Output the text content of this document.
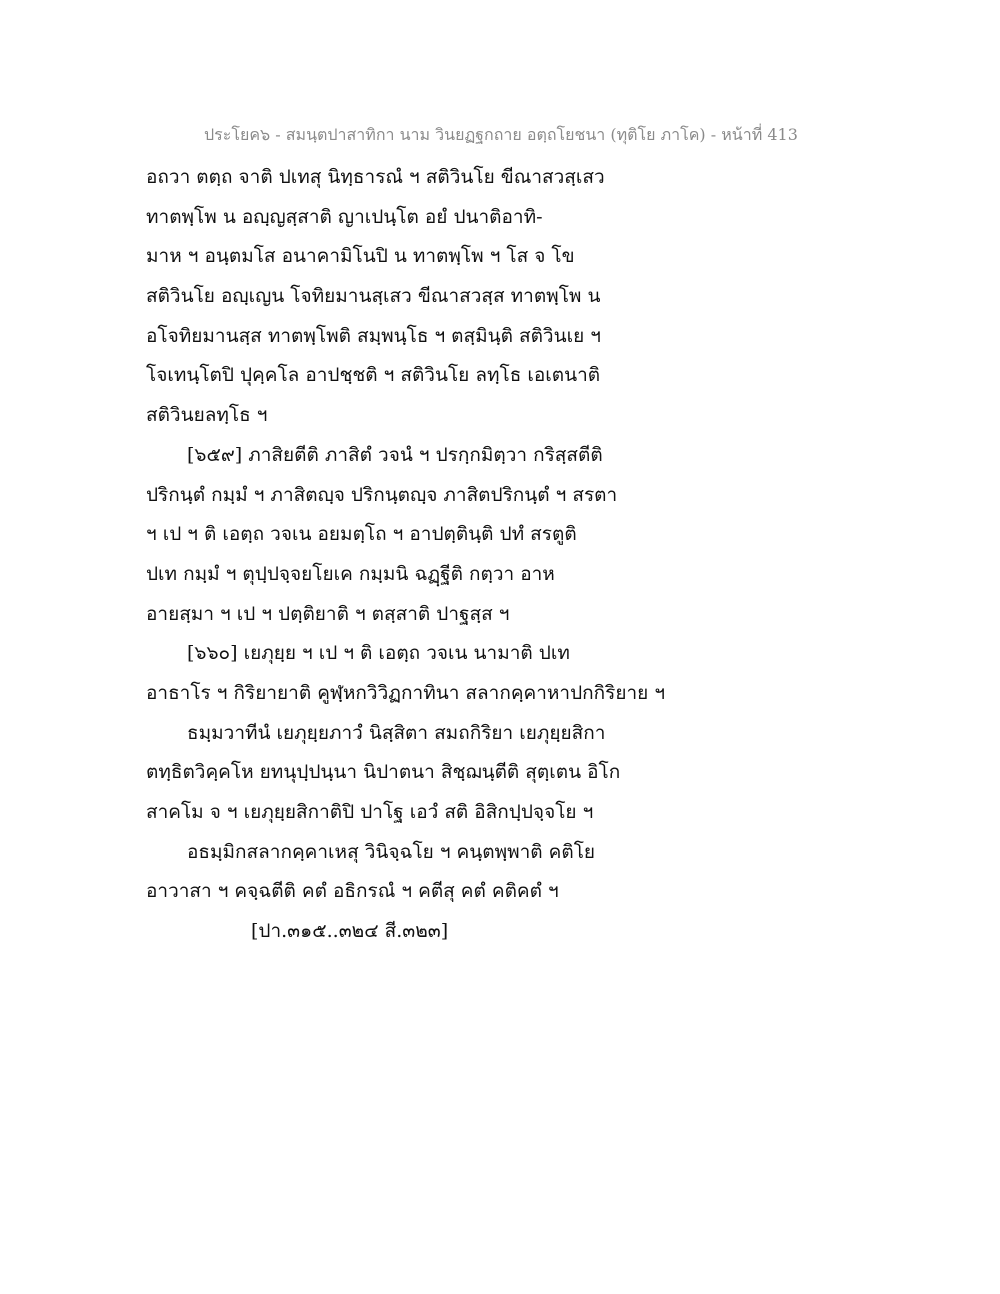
ประโยค๖ - สมนฺตปาสาทิกา นาม วินยฏฐกถาย อตฺถโยชนา (ทุติโย ภาโค) - หน้าที่ 413
อถวา ตตฺถ จาติ ปเทสุ นิทฺธารณํ ฯ สติวินโย ขีณาสวสฺเสว
ทาตพฺโพ น อญฺญสฺสาติ ญาเปนฺโต อยํ ปนาติอาทิ-
มาห ฯ อนฺตมโส อนาคามิโนปิ น ทาตพฺโพ ฯ โส จ โข
สติวินโย อญฺเญน โจทิยมานสฺเสว ขีณาสวสฺส ทาตพฺโพ น
อโจทิยมานสฺส ทาตพฺโพติ สมฺพนฺโธ ฯ ตสฺมินฺติ สติวินเย ฯ
โจเทนฺโตปิ ปุคฺคโล อาปชฺชติ ฯ สติวินโย ลทฺโธ เอเตนาติ
สติวินยลทฺโธ ฯ
[๖๕๙] ภาสิยตีติ ภาสิตํ วจนํ ฯ ปรกฺกมิตฺวา กริสฺสตีติ
ปริกนฺตํ กมฺมํ ฯ ภาสิตญฺจ ปริกนฺตญฺจ ภาสิตปริกนฺตํ ฯ สรตา
ฯ เป ฯ ติ เอตฺถ วจเน อยมตฺโถ ฯ อาปตฺตินฺติ ปทํ สรตูติ
ปเท กมฺมํ ฯ ตุปฺปจฺจยโยเค กมฺมนิ ฉฏฺฐีติ กตฺวา อาห
อายสฺมา ฯ เป ฯ ปตฺติยาติ ฯ ตสฺสาติ ปาฐสฺส ฯ
[๖๖๐] เยภุยฺย ฯ เป ฯ ติ เอตฺถ วจเน นามาติ ปเท
อาธาโร ฯ กิริยายาติ คูฬฺหกวิวิฏกาทินา สลากคฺคาหาปกกิริยาย ฯ
ธมฺมวาทีนํ เยภุยฺยภาวํ นิสฺสิตา สมถกิริยา เยภุยฺยสิกา
ตทฺธิตวิคฺคโห ยทนุปฺปนฺนา นิปาตนา สิชฺฌนฺตีติ สุตฺเตน อิโก
สาคโม จ ฯ เยภุยฺยสิกาติปิ ปาโฐ เอวํ สติ อิสิกปฺปจฺจโย ฯ
อธมฺมิกสลากคฺคาเหสุ วินิจฺฉโย ฯ คนฺตพฺพาติ คติโย
อาวาสา ฯ คจฺฉตีติ คตํ อธิกรณํ ฯ คตีสุ คตํ คติคตํ ฯ
[ปา.๓๑๕..๓๒๔ สี.๓๒๓]
